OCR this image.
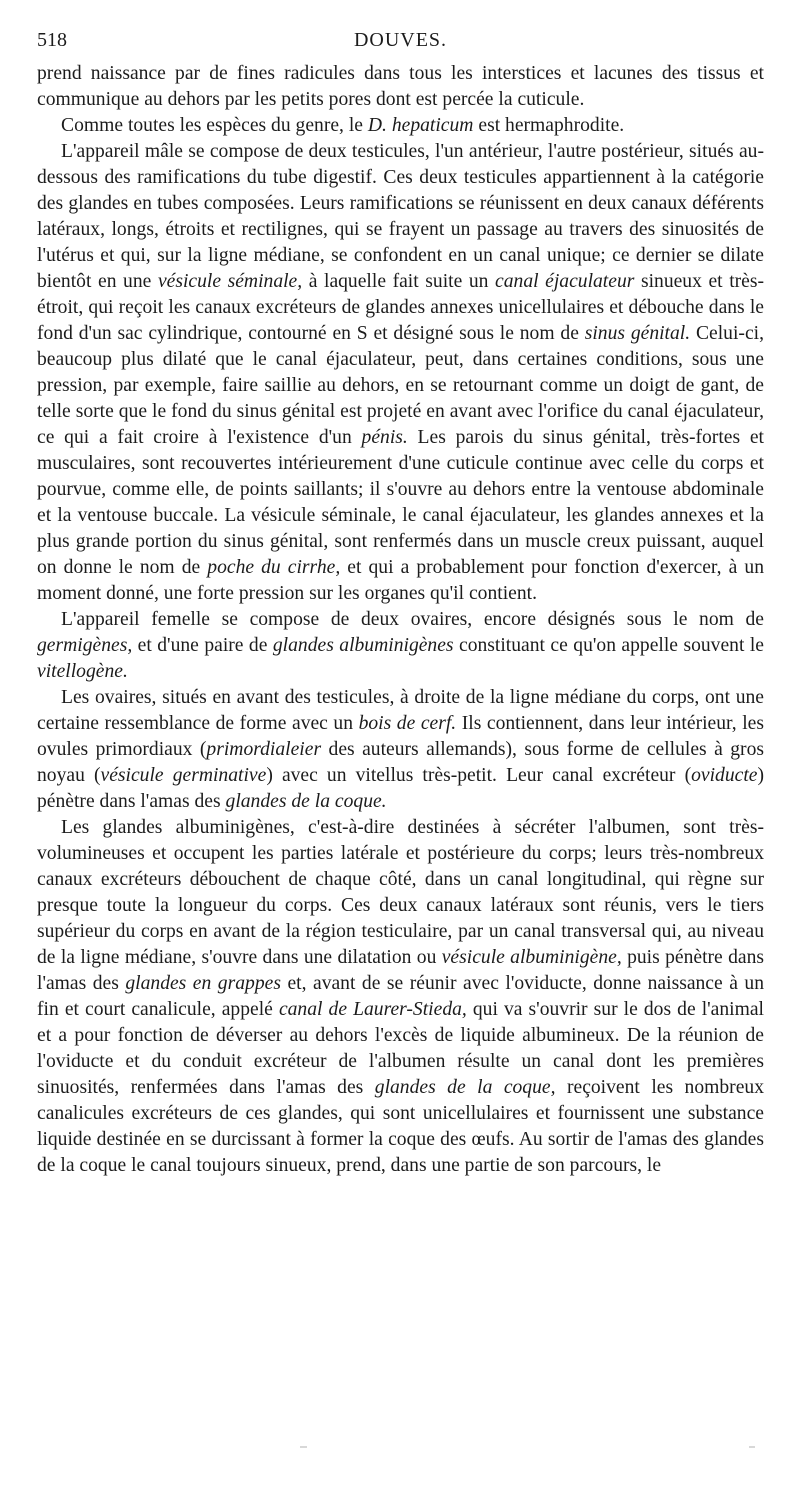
518	DOUVES.

prend naissance par de fines radicules dans tous les interstices et lacunes des tissus et communique au dehors par les petits pores dont est percée la cuticule.

Comme toutes les espèces du genre, le D. hepaticum est hermaphrodite.

L'appareil mâle se compose de deux testicules, l'un antérieur, l'autre postérieur, situés au-dessous des ramifications du tube digestif. Ces deux testicules appartiennent à la catégorie des glandes en tubes composées. Leurs ramifications se réunissent en deux canaux déférents latéraux, longs, étroits et rectilignes, qui se frayent un passage au travers des sinuosités de l'utérus et qui, sur la ligne médiane, se confondent en un canal unique; ce dernier se dilate bientôt en une vésicule séminale, à laquelle fait suite un canal éjaculateur sinueux et très-étroit, qui reçoit les canaux excréteurs de glandes annexes unicellulaires et débouche dans le fond d'un sac cylindrique, contourné en S et désigné sous le nom de sinus génital. Celui-ci, beaucoup plus dilaté que le canal éjaculateur, peut, dans certaines conditions, sous une pression, par exemple, faire saillie au dehors, en se retournant comme un doigt de gant, de telle sorte que le fond du sinus génital est projeté en avant avec l'orifice du canal éjaculateur, ce qui a fait croire à l'existence d'un pénis. Les parois du sinus génital, très-fortes et musculaires, sont recouvertes intérieurement d'une cuticule continue avec celle du corps et pourvue, comme elle, de points saillants; il s'ouvre au dehors entre la ventouse abdominale et la ventouse buccale. La vésicule séminale, le canal éjaculateur, les glandes annexes et la plus grande portion du sinus génital, sont renfermés dans un muscle creux puissant, auquel on donne le nom de poche du cirrhe, et qui a probablement pour fonction d'exercer, à un moment donné, une forte pression sur les organes qu'il contient.

L'appareil femelle se compose de deux ovaires, encore désignés sous le nom de germigènes, et d'une paire de glandes albuminigènes constituant ce qu'on appelle souvent le vitellogène.

Les ovaires, situés en avant des testicules, à droite de la ligne médiane du corps, ont une certaine ressemblance de forme avec un bois de cerf. Ils contiennent, dans leur intérieur, les ovules primordiaux (primordialeier des auteurs allemands), sous forme de cellules à gros noyau (vésicule germinative) avec un vitellus très-petit. Leur canal excréteur (oviducte) pénètre dans l'amas des glandes de la coque.

Les glandes albuminigènes, c'est-à-dire destinées à sécréter l'albumen, sont très-volumineuses et occupent les parties latérale et postérieure du corps; leurs très-nombreux canaux excréteurs débouchent de chaque côté, dans un canal longitudinal, qui règne sur presque toute la longueur du corps. Ces deux canaux latéraux sont réunis, vers le tiers supérieur du corps en avant de la région testiculaire, par un canal transversal qui, au niveau de la ligne médiane, s'ouvre dans une dilatation ou vésicule albuminigène, puis pénètre dans l'amas des glandes en grappes et, avant de se réunir avec l'oviducte, donne naissance à un fin et court canalicule, appelé canal de Laurer-Stieda, qui va s'ouvrir sur le dos de l'animal et a pour fonction de déverser au dehors l'excès de liquide albumineux. De la réunion de l'oviducte et du conduit excréteur de l'albumen résulte un canal dont les premières sinuosités, renfermées dans l'amas des glandes de la coque, reçoivent les nombreux canalicules excréteurs de ces glandes, qui sont unicellulaires et fournissent une substance liquide destinée en se durcissant à former la coque des œufs. Au sortir de l'amas des glandes de la coque le canal toujours sinueux, prend, dans une partie de son parcours, le
